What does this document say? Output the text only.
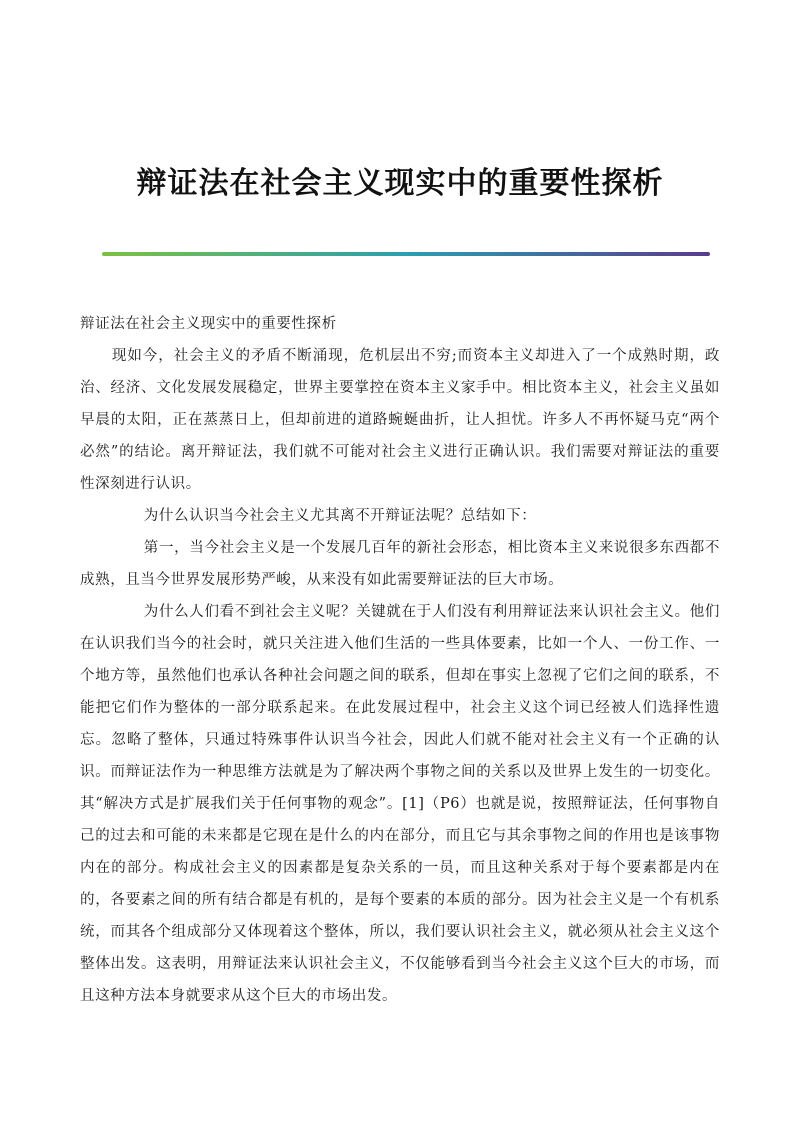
辩证法在社会主义现实中的重要性探析

辩证法在社会主义现实中的重要性探析

现如今，社会主义的矛盾不断涌现，危机层出不穷;而资本主义却进入了一个成熟时期，政治、经济、文化发展发展稳定，世界主要掌控在资本主义家手中。相比资本主义，社会主义虽如早晨的太阳，正在蒸蒸日上，但却前进的道路蜿蜒曲折，让人担忧。许多人不再怀疑马克“两个必然”的结论。离开辩证法，我们就不可能对社会主义进行正确认识。我们需要对辩证法的重要性深刻进行认识。

为什么认识当今社会主义尤其离不开辩证法呢？总结如下：

第一，当今社会主义是一个发展几百年的新社会形态，相比资本主义来说很多东西都不成熟，且当今世界发展形势严峻，从来没有如此需要辩证法的巨大市场。

为什么人们看不到社会主义呢？关键就在于人们没有利用辩证法来认识社会主义。他们在认识我们当今的社会时，就只关注进入他们生活的一些具体要素，比如一个人、一份工作、一个地方等，虽然他们也承认各种社会问题之间的联系，但却在事实上忽视了它们之间的联系，不能把它们作为整体的一部分联系起来。在此发展过程中，社会主义这个词已经被人们选择性遗忘。忽略了整体，只通过特殊事件认识当今社会，因此人们就不能对社会主义有一个正确的认识。而辩证法作为一种思维方法就是为了解决两个事物之间的关系以及世界上发生的一切变化。其“解决方式是扩展我们关于任何事物的观念”。[1]（P6）也就是说，按照辩证法，任何事物自己的过去和可能的未来都是它现在是什么的内在部分，而且它与其余事物之间的作用也是该事物内在的部分。构成社会主义的因素都是复杂关系的一员，而且这种关系对于每个要素都是内在的，各要素之间的所有结合都是有机的，是每个要素的本质的部分。因为社会主义是一个有机系统，而其各个组成部分又体现着这个整体，所以，我们要认识社会主义，就必须从社会主义这个整体出发。这表明，用辩证法来认识社会主义，不仅能够看到当今社会主义这个巨大的市场，而且这种方法本身就要求从这个巨大的市场出发。
